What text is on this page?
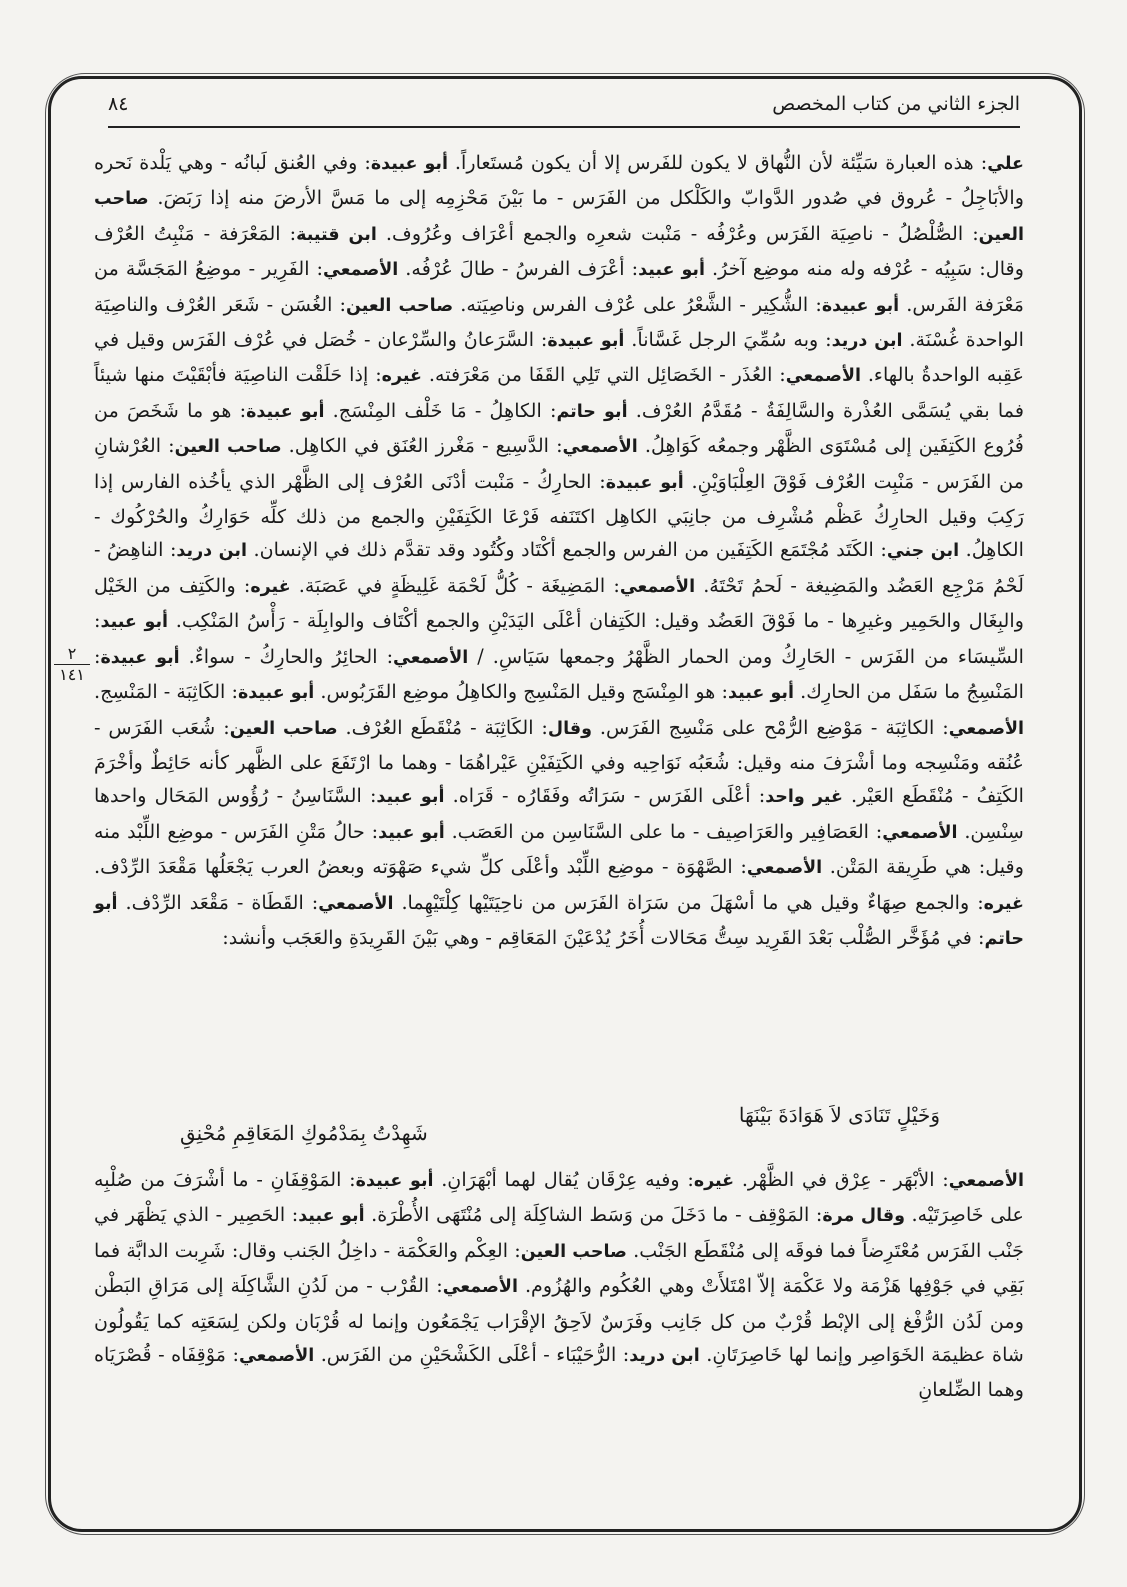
الجزء الثاني من كتاب المخصص
٨٤
٢
١٤١

علي: هذه العبارة سَيِّئة لأن النُّهاق لا يكون للفَرس إلا أن يكون مُستَعاراً. أبو عبيدة: وفي العُنق لَبانُه - وهي يَلْدة نَحره والأبَاجِلُ - عُروق في صُدور الدَّوابّ والكَلْكل من الفَرَس - ما بَيْنَ مَحْزِمِه إلى ما مَسَّ الأرضَ منه إذا رَبَضَ. صاحب العين: الصُّلْصُلُ - ناصِيَة الفَرَس وعُرْفُه - مَنْبت شعرِه والجمع أعْرَاف وعُرُوف. ابن قتيبة: المَعْرَفة - مَنْبِتُ العُرْف وقال: سَبِيُه - عُرْفه وله منه موضِع آخرُ. أبو عبيد: أعْرَف الفرسُ - طالَ عُرْفُه. الأصمعي: الفَرِير - موضِعُ المَجَسَّة من مَعْرَفة الفَرس. أبو عبيدة: الشُّكِير - الشَّعْرُ على عُرْف الفرس وناصِيَته. صاحب العين: الغُسَن - شَعَر العُرْف والناصِيَة الواحدة غُسْنَة. ابن دريد: وبه سُمِّيَ الرجل غَسَّاناً. أبو عبيدة: السَّرَعانُ والسِّرْعان - خُصَل في عُرْف الفَرَس وقيل في عَقِبه الواحدةُ بالهاء. الأصمعي: العُذَر - الخَصَائِل التي تَلِي القَفَا من مَعْرَفته. غيره: إذا حَلَقْت الناصِيَة فأبْقَيْتَ منها شيئاً فما بقي يُسَمَّى العُذْرة والسَّالِفَةُ - مُقَدَّمُ العُرْف. أبو حاتم: الكاهِلُ - مَا خَلْف المِنْسَج. أبو عبيدة: هو ما شَخَصَ من فُرُوع الكَتِفَين إلى مُسْتَوَى الظَّهْر وجمعُه كَوَاهِلُ. الأصمعي: الدَّسِيع - مَغْرز العُنَق في الكاهِل. صاحب العين: العُرْشانِ من الفَرَس - مَنْبِت العُرْف فَوْقَ العِلْبَاوَيْنِ. أبو عبيدة: الحارِكُ - مَنْبت أدْنَى العُرْف إلى الظَّهْر الذي يأخُذه الفارس إذا رَكِبَ وقيل الحارِكُ عَظْم مُشْرِف من جانِبَي الكاهِل اكتَنَفه فَرْعَا الكَتِفَيْنِ والجمع من ذلك كلِّه حَوَارِكُ والحُرْكُوك - الكاهِلُ. ابن جني: الكَتَد مُجْتَمَع الكَتِفَين من الفرس والجمع أكْتَاد وكُتُود وقد تقدَّم ذلك في الإنسان. ابن دريد: الناهِضُ - لَحْمُ مَرْجِع العَضُد والمَضِيغة - لَحمُ تَحْتَهُ. الأصمعي: المَضِيغَة - كُلُّ لَحْمَة غَلِيظَةٍ في عَصَبَة. غيره: والكَتِف من الخَيْل والبِغَال والحَمِير وغيرِها - ما فَوْقَ العَضُد وقيل: الكَتِفان أعْلَى اليَدَيْنِ والجمع أكْتَاف والوابِلَة - رَأْسُ المَنْكِب. أبو عبيد: السِّيسَاء من الفَرَس - الحَارِكُ ومن الحمار الظَّهْرُ وجمعها سَيَاسِ. / الأصمعي: الحائِرُ والحارِكُ - سواءٌ. أبو عبيدة: المَنْسِجُ ما سَفَل من الحارِك. أبو عبيد: هو المِنْسَج وقيل المَنْسِج والكاهِلُ موضِع القَرَبُوس. أبو عبيدة: الكَاثِبَة - المَنْسِج. الأصمعي: الكاثِبَة - مَوْضِع الرُّمْح على مَنْسِج الفَرَس. وقال: الكَاثِبَة - مُنْقَطَع العُرْف. صاحب العين: شُعَب الفَرَس - عُنُقه ومَنْسِجه وما أشْرَفَ منه وقيل: شُعَبُه نَوَاحِيه وفي الكَتِفَيْنِ عَيْراهُمَا - وهما ما ارْتَفَعَ على الظَّهر كأنه حَائِطٌ وأخْرَمَ الكَتِفُ - مُنْقَطَع العَيْر. غير واحد: أعْلَى الفَرَس - سَرَاتُه وفَقَارُه - قَرَاه. أبو عبيد: السَّنَاسِنُ - رُؤُوس المَحَال واحدها سِنْسِن. الأصمعي: العَصَافِير والعَرَاصِيف - ما على السَّنَاسِن من العَصَب. أبو عبيد: حالُ مَتْنِ الفَرَس - موضِع اللِّبْد منه وقيل: هي طَرِيقة المَتْن. الأصمعي: الصَّهْوَة - موضِع اللِّبْد وأعْلَى كلِّ شيء صَهْوَته وبعضُ العرب يَجْعَلُها مَقْعَدَ الرِّدْف. غيره: والجمع صِهَاءٌ وقيل هي ما أسْهَلَ من سَرَاة الفَرَس من ناحِيَتَيْها كِلْتَيْهِما. الأصمعي: القَطَاة - مَقْعَد الرِّدْف. أبو حاتم: في مُؤَخَّر الصُّلْب بَعْدَ القَرِيد سِتُّ مَحَالات أُخَرُ يُدْعَيْنَ المَعَاقِم - وهي بَيْنَ القَرِيدَةِ والعَجَب وأنشد:

وَخَيْلٍ تَنَادَى لاَ هَوَادَةَ بَيْنَهَا
شَهِدْتُ بِمَدْمُوكِ المَعَاقِمِ مُحْنِقِ

الأصمعي: الأبْهَر - عِرْق في الظَّهْر. غيره: وفيه عِرْقَان يُقال لهما أبْهَرَانِ. أبو عبيدة: المَوْقِفَانِ - ما أشْرَفَ من صُلْبِه على خَاصِرَتَيْه. وقال مرة: المَوْقِف - ما دَخَلَ من وَسَط الشاكِلَة إلى مُنْتَهَى الأُطْرَة. أبو عبيد: الحَصِير - الذي يَظْهَر في جَنْب الفَرَس مُعْتَرِضاً فما فوقَه إلى مُنْقَطَع الجَنْب. صاحب العين: العِكْم والعَكْمَة - داخِلُ الجَنب وقال: شَرِبت الدابَّة فما بَقِي في جَوْفِها هَزْمَة ولا عَكْمَة إلاّ امْتَلأَتْ وهي العُكُوم والهُزُوم. الأصمعي: القُرْب - من لَدُنِ الشَّاكِلَة إلى مَرَاقِ البَطْن ومن لَدُن الرُّفْغ إلى الإبْط قُرْبٌ من كل جَانِب وفَرَسٌ لاَحِقُ الإقْرَاب يَجْمَعُون وإنما له قُرْبَان ولكن لِسَعَتِه كما يَقُولُون شاة عظيمَة الخَوَاصِر وإنما لها خَاصِرَتَانِ. ابن دريد: الرُّحَيْبَاء - أعْلَى الكَشْحَيْنِ من الفَرَس. الأصمعي: مَوْقِفَاه - قُصْرَيَاه وهما الضِّلعانِ
